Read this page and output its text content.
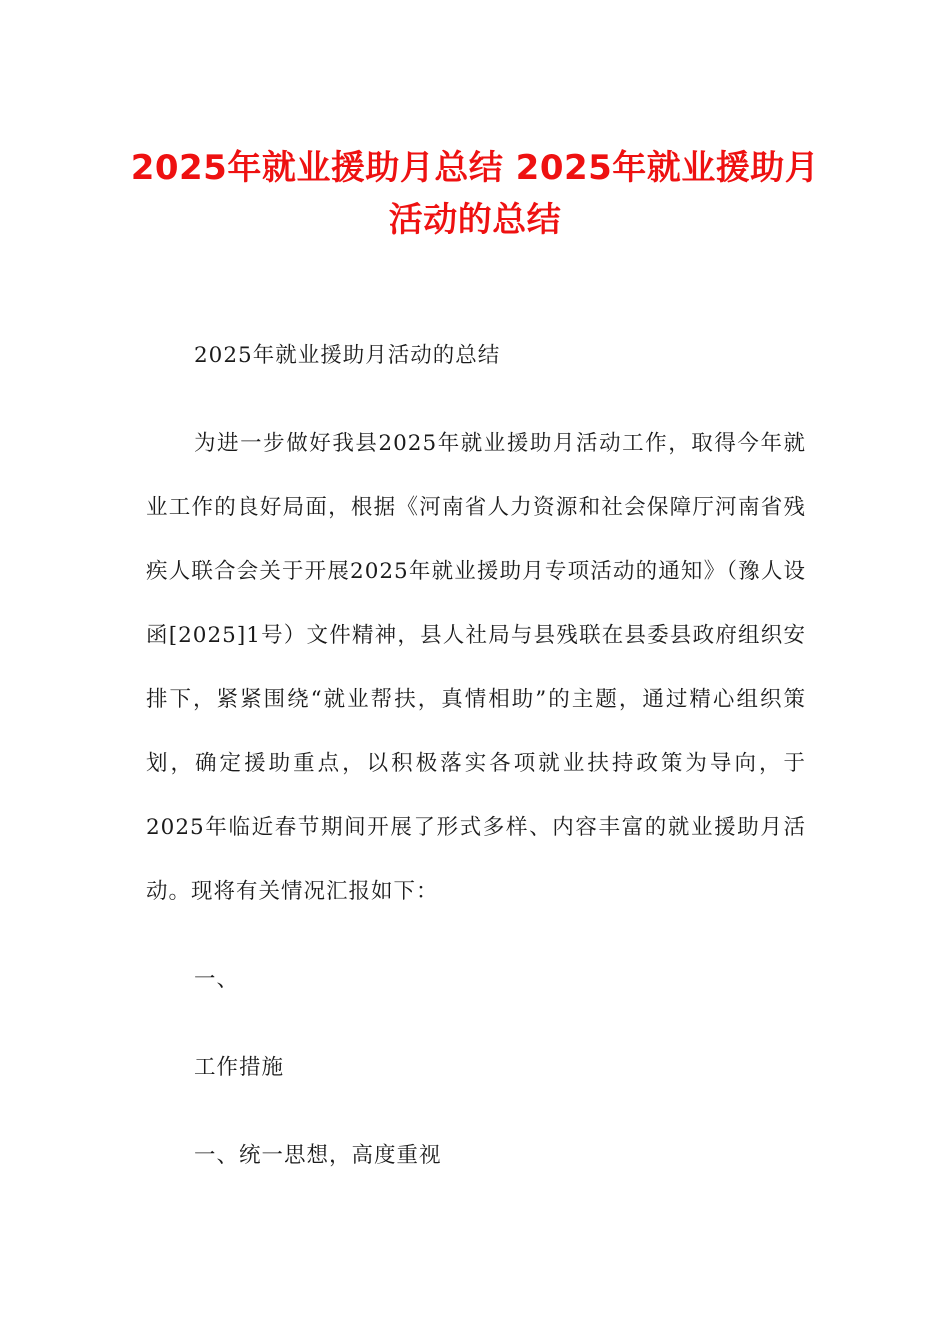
2025年就业援助月总结 2025年就业援助月活动的总结

2025年就业援助月活动的总结

为进一步做好我县2025年就业援助月活动工作，取得今年就业工作的良好局面，根据《河南省人力资源和社会保障厅河南省残疾人联合会关于开展2025年就业援助月专项活动的通知》（豫人设函[2025]1号）文件精神，县人社局与县残联在县委县政府组织安排下，紧紧围绕“就业帮扶，真情相助”的主题，通过精心组织策划，确定援助重点，以积极落实各项就业扶持政策为导向，于2025年临近春节期间开展了形式多样、内容丰富的就业援助月活动。现将有关情况汇报如下：

一、

工作措施

一、统一思想，高度重视
